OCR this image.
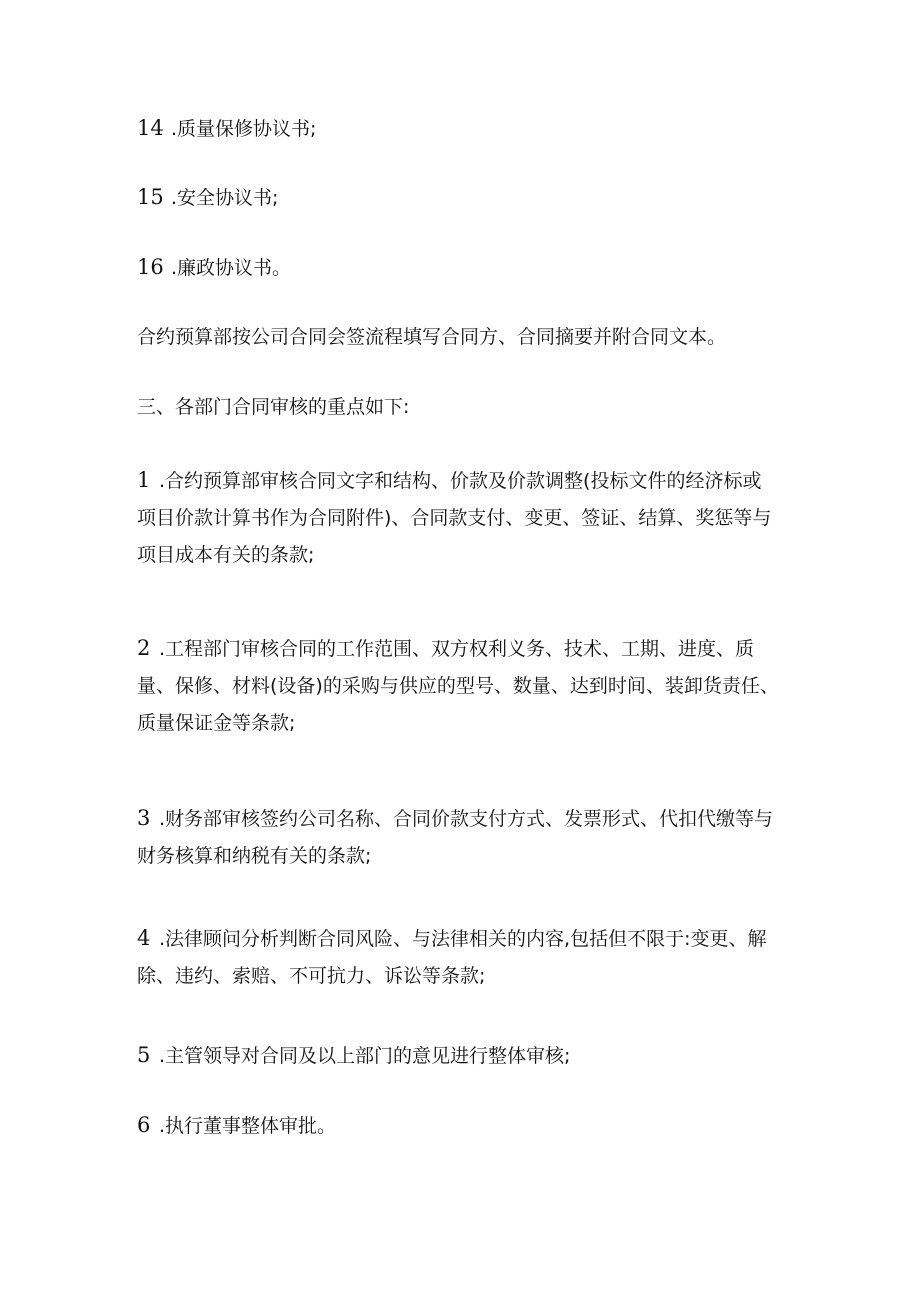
14 .质量保修协议书;

15 .安全协议书;

16 .廉政协议书。

合约预算部按公司合同会签流程填写合同方、合同摘要并附合同文本。

三、各部门合同审核的重点如下:

1 .合约预算部审核合同文字和结构、价款及价款调整(投标文件的经济标或项目价款计算书作为合同附件)、合同款支付、变更、签证、结算、奖惩等与项目成本有关的条款;

2 .工程部门审核合同的工作范围、双方权利义务、技术、工期、进度、质量、保修、材料(设备)的采购与供应的型号、数量、达到时间、装卸货责任、质量保证金等条款;

3 .财务部审核签约公司名称、合同价款支付方式、发票形式、代扣代缴等与财务核算和纳税有关的条款;

4 .法律顾问分析判断合同风险、与法律相关的内容,包括但不限于:变更、解除、违约、索赔、不可抗力、诉讼等条款;

5 .主管领导对合同及以上部门的意见进行整体审核;

6 .执行董事整体审批。
